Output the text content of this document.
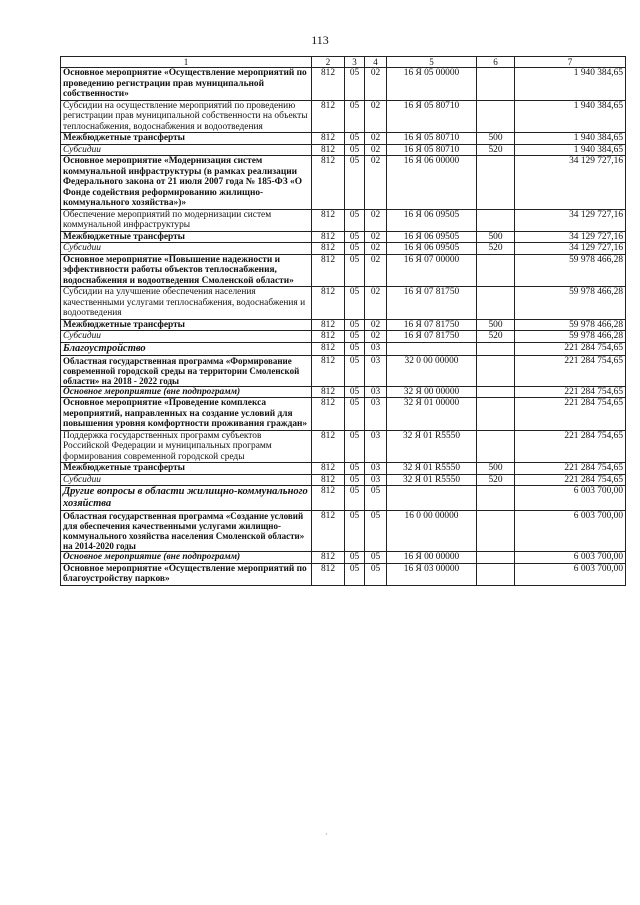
113
1	2	3	4	5	6	7
Основное мероприятие «Осуществление мероприятий по проведению регистрации прав муниципальной собственности»	812	05	02	16 Я 05 00000		1 940 384,65
Субсидии на осуществление мероприятий по проведению регистрации прав муниципальной собственности на объекты теплоснабжения, водоснабжения и водоотведения	812	05	02	16 Я 05 80710		1 940 384,65
Межбюджетные трансферты	812	05	02	16 Я 05 80710	500	1 940 384,65
Субсидии	812	05	02	16 Я 05 80710	520	1 940 384,65
Основное мероприятие «Модернизация систем коммунальной инфраструктуры (в рамках реализации Федерального закона от 21 июля 2007 года № 185-ФЗ «О Фонде содействия реформированию жилищно-коммунального хозяйства»)»	812	05	02	16 Я 06 00000		34 129 727,16
Обеспечение мероприятий по модернизации систем коммунальной инфраструктуры	812	05	02	16 Я 06 09505		34 129 727,16
Межбюджетные трансферты	812	05	02	16 Я 06 09505	500	34 129 727,16
Субсидии	812	05	02	16 Я 06 09505	520	34 129 727,16
Основное мероприятие «Повышение надежности и эффективности работы объектов теплоснабжения, водоснабжения и водоотведения Смоленской области»	812	05	02	16 Я 07 00000		59 978 466,28
Субсидии на улучшение обеспечения населения качественными услугами теплоснабжения, водоснабжения и водоотведения	812	05	02	16 Я 07 81750		59 978 466,28
Межбюджетные трансферты	812	05	02	16 Я 07 81750	500	59 978 466,28
Субсидии	812	05	02	16 Я 07 81750	520	59 978 466,28
Благоустройство	812	05	03			221 284 754,65
Областная государственная программа «Формирование современной городской среды на территории Смоленской области» на 2018 - 2022 годы	812	05	03	32 0 00 00000		221 284 754,65
Основное мероприятие (вне подпрограмм)	812	05	03	32 Я 00 00000		221 284 754,65
Основное мероприятие «Проведение комплекса мероприятий, направленных на создание условий для повышения уровня комфортности проживания граждан»	812	05	03	32 Я 01 00000		221 284 754,65
Поддержка государственных программ субъектов Российской Федерации и муниципальных программ формирования современной городской среды	812	05	03	32 Я 01 R5550		221 284 754,65
Межбюджетные трансферты	812	05	03	32 Я 01 R5550	500	221 284 754,65
Субсидии	812	05	03	32 Я 01 R5550	520	221 284 754,65
Другие вопросы в области жилищно-коммунального хозяйства	812	05	05			6 003 700,00
Областная государственная программа «Создание условий для обеспечения качественными услугами жилищно-коммунального хозяйства населения Смоленской области» на 2014-2020 годы	812	05	05	16 0 00 00000		6 003 700,00
Основное мероприятие (вне подпрограмм)	812	05	05	16 Я 00 00000		6 003 700,00
Основное мероприятие «Осуществление мероприятий по благоустройству парков»	812	05	05	16 Я 03 00000		6 003 700,00
·
